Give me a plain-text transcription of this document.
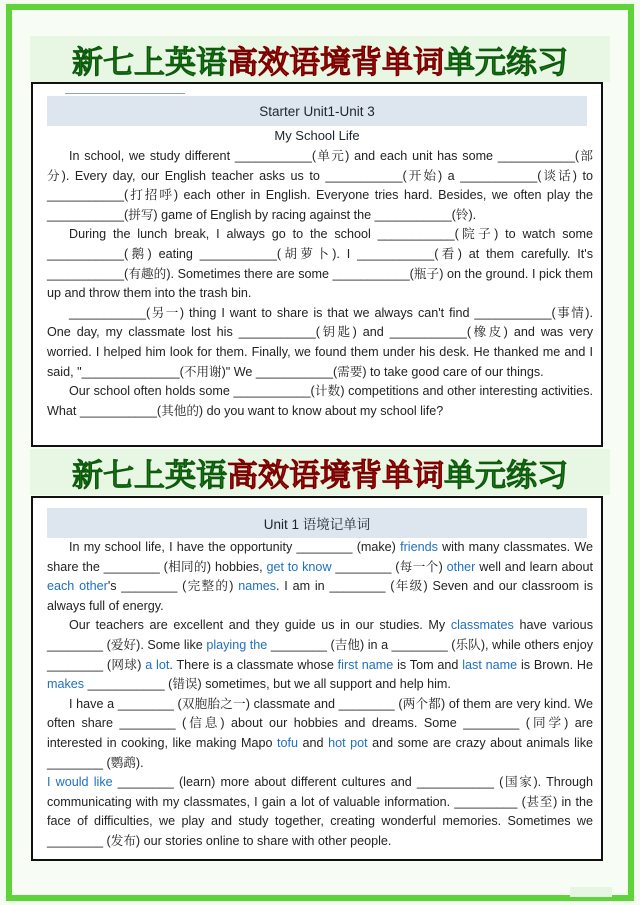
新七上英语 高效语境背单词 单元练习
Starter Unit1-Unit 3
My School Life

In school, we study different ___________(单元) and each unit has some ___________(部分). Every day, our English teacher asks us to ___________(开始) a ___________(谈话) to ___________(打招呼) each other in English. Everyone tries hard. Besides, we often play the ___________(拼写) game of English by racing against the ___________(铃).

During the lunch break, I always go to the school ___________(院子) to watch some ___________(鹅) eating ___________(胡萝卜). I ___________(看) at them carefully. It's ___________(有趣的). Sometimes there are some ___________(瓶子) on the ground. I pick them up and throw them into the trash bin.

___________(另一) thing I want to share is that we always can't find ___________(事情). One day, my classmate lost his ___________(钥匙) and ___________(橡皮) and was very worried. I helped him look for them. Finally, we found them under his desk. He thanked me and I said, "______________(不用谢)" We ___________(需要) to take good care of our things.

Our school often holds some ___________(计数) competitions and other interesting activities. What ___________(其他的) do you want to know about my school life?

新七上英语 高效语境背单词 单元练习
Unit 1 语境记单词

In my school life, I have the opportunity ________ (make) friends with many classmates. We share the ________ (相同的) hobbies, get to know ________ (每一个) other well and learn about each other's ________ (完整的) names. I am in ________ (年级) Seven and our classroom is always full of energy.

Our teachers are excellent and they guide us in our studies. My classmates have various ________ (爱好). Some like playing the ________ (吉他) in a ________ (乐队), while others enjoy ________ (网球) a lot. There is a classmate whose first name is Tom and last name is Brown. He makes ___________ (错误) sometimes, but we all support and help him.

I have a ________ (双胞胎之一) classmate and ________ (两个都) of them are very kind. We often share ________ (信息) about our hobbies and dreams. Some ________ (同学) are interested in cooking, like making Mapo tofu and hot pot and some are crazy about animals like ________ (鹦鹉).

I would like ________ (learn) more about different cultures and ___________ (国家). Through communicating with my classmates, I gain a lot of valuable information. _________ (甚至) in the face of difficulties, we play and study together, creating wonderful memories. Sometimes we ________ (发布) our stories online to share with other people.
